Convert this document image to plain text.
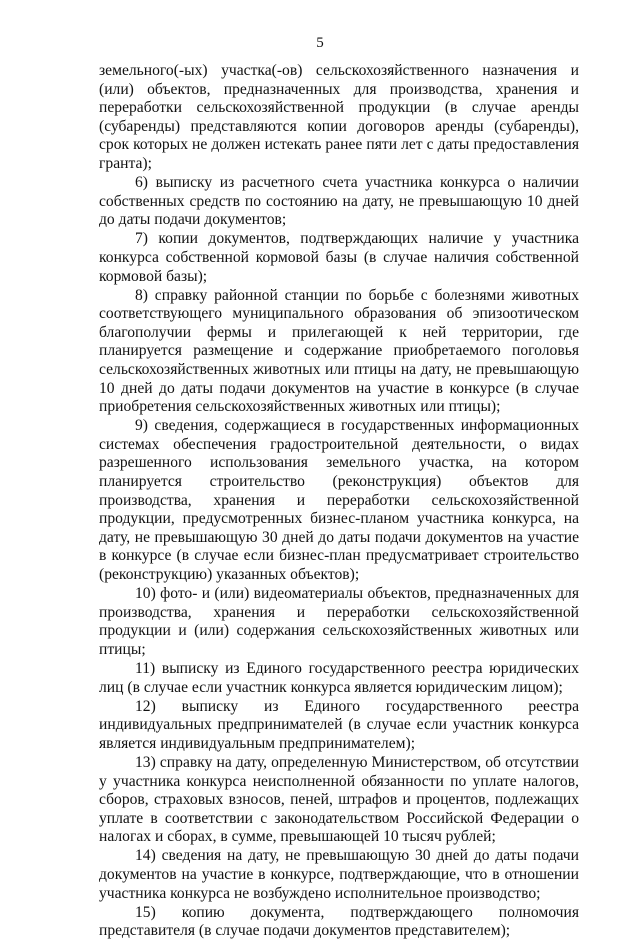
5

земельного(-ых) участка(-ов) сельскохозяйственного назначения и (или) объектов, предназначенных для производства, хранения и переработки сельскохозяйственной продукции (в случае аренды (субаренды) представляются копии договоров аренды (субаренды), срок которых не должен истекать ранее пяти лет с даты предоставления гранта);

6) выписку из расчетного счета участника конкурса о наличии собственных средств по состоянию на дату, не превышающую 10 дней до даты подачи документов;

7) копии документов, подтверждающих наличие у участника конкурса собственной кормовой базы (в случае наличия собственной кормовой базы);

8) справку районной станции по борьбе с болезнями животных соответствующего муниципального образования об эпизоотическом благополучии фермы и прилегающей к ней территории, где планируется размещение и содержание приобретаемого поголовья сельскохозяйственных животных или птицы на дату, не превышающую 10 дней до даты подачи документов на участие в конкурсе (в случае приобретения сельскохозяйственных животных или птицы);

9) сведения, содержащиеся в государственных информационных системах обеспечения градостроительной деятельности, о видах разрешенного использования земельного участка, на котором планируется строительство (реконструкция) объектов для производства, хранения и переработки сельскохозяйственной продукции, предусмотренных бизнес-планом участника конкурса, на дату, не превышающую 30 дней до даты подачи документов на участие в конкурсе (в случае если бизнес-план предусматривает строительство (реконструкцию) указанных объектов);

10) фото- и (или) видеоматериалы объектов, предназначенных для производства, хранения и переработки сельскохозяйственной продукции и (или) содержания сельскохозяйственных животных или птицы;

11) выписку из Единого государственного реестра юридических лиц (в случае если участник конкурса является юридическим лицом);

12) выписку из Единого государственного реестра индивидуальных предпринимателей (в случае если участник конкурса является индивидуальным предпринимателем);

13) справку на дату, определенную Министерством, об отсутствии у участника конкурса неисполненной обязанности по уплате налогов, сборов, страховых взносов, пеней, штрафов и процентов, подлежащих уплате в соответствии с законодательством Российской Федерации о налогах и сборах, в сумме, превышающей 10 тысяч рублей;

14) сведения на дату, не превышающую 30 дней до даты подачи документов на участие в конкурсе, подтверждающие, что в отношении участника конкурса не возбуждено исполнительное производство;

15) копию документа, подтверждающего полномочия представителя (в случае подачи документов представителем);
